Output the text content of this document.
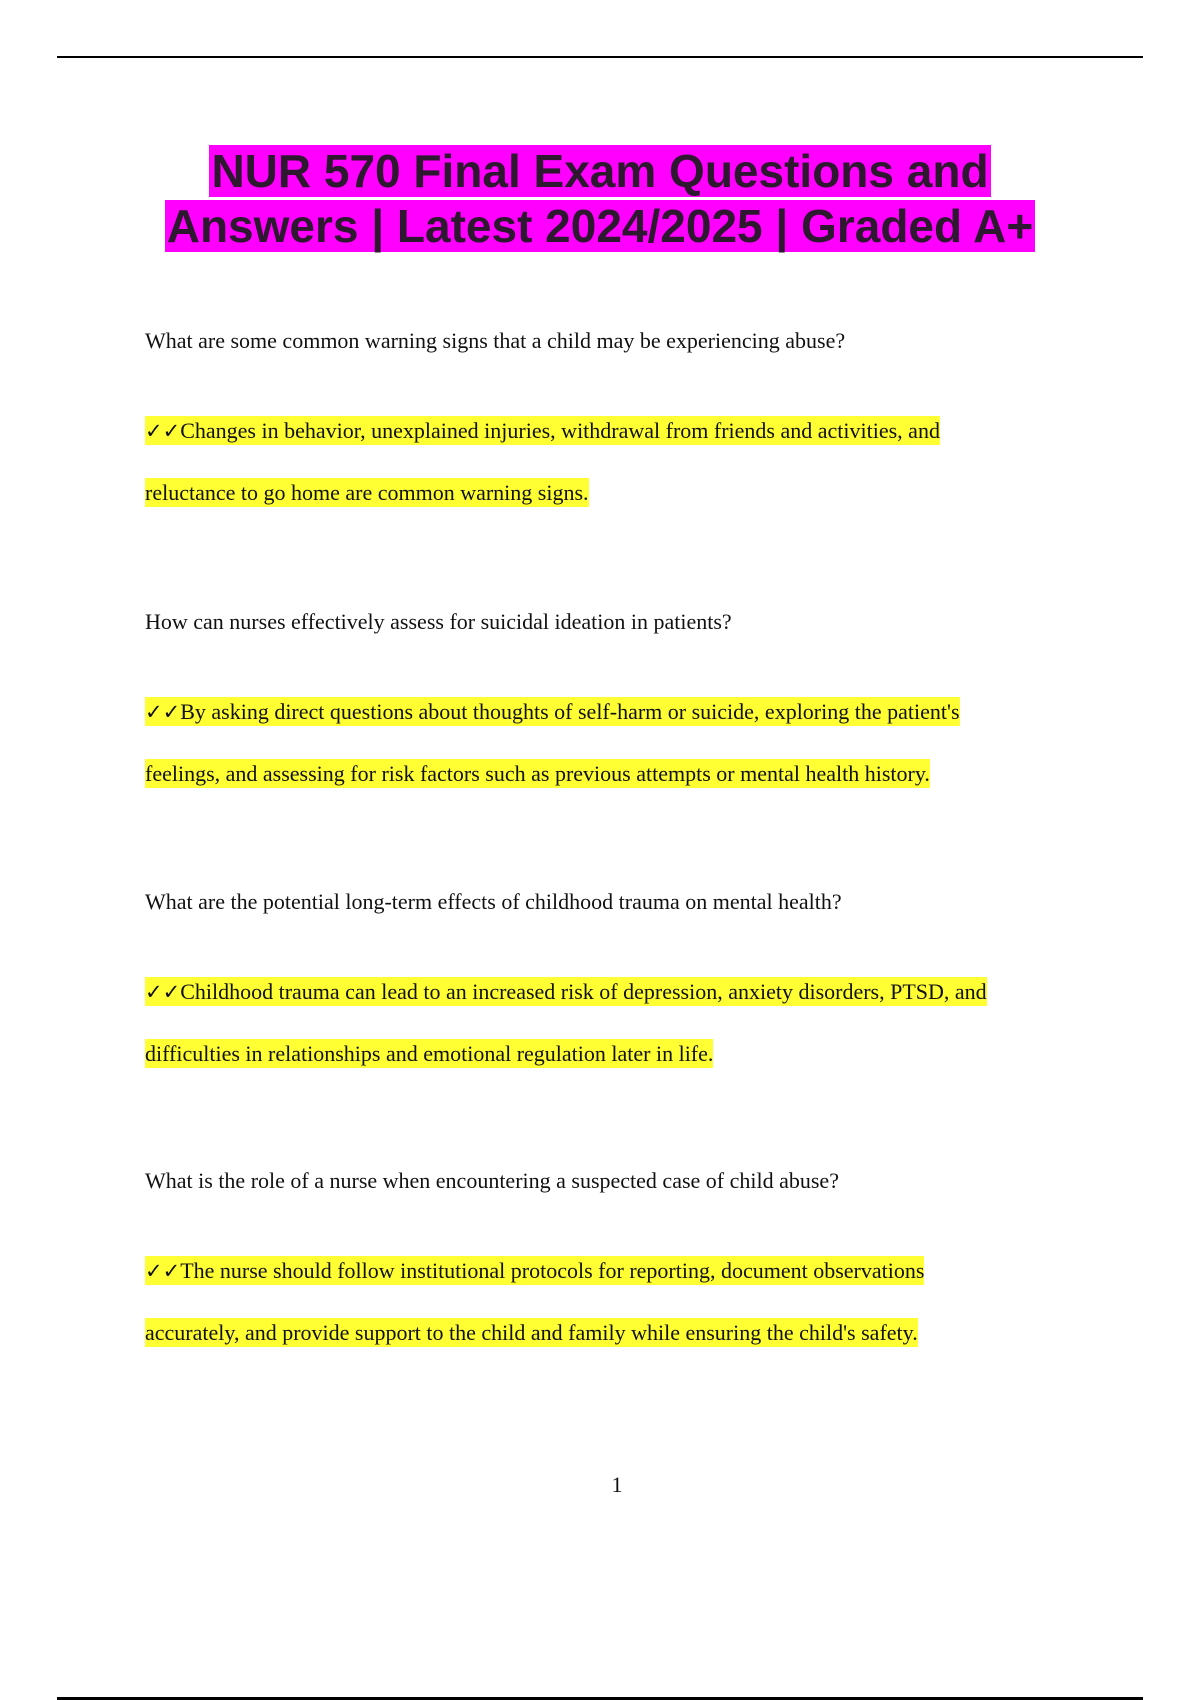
NUR 570 Final Exam Questions and
Answers | Latest 2024/2025 | Graded A+

What are some common warning signs that a child may be experiencing abuse?

✓✓Changes in behavior, unexplained injuries, withdrawal from friends and activities, and
reluctance to go home are common warning signs.

How can nurses effectively assess for suicidal ideation in patients?

✓✓By asking direct questions about thoughts of self-harm or suicide, exploring the patient's
feelings, and assessing for risk factors such as previous attempts or mental health history.

What are the potential long-term effects of childhood trauma on mental health?

✓✓Childhood trauma can lead to an increased risk of depression, anxiety disorders, PTSD, and
difficulties in relationships and emotional regulation later in life.

What is the role of a nurse when encountering a suspected case of child abuse?

✓✓The nurse should follow institutional protocols for reporting, document observations
accurately, and provide support to the child and family while ensuring the child's safety.
1
